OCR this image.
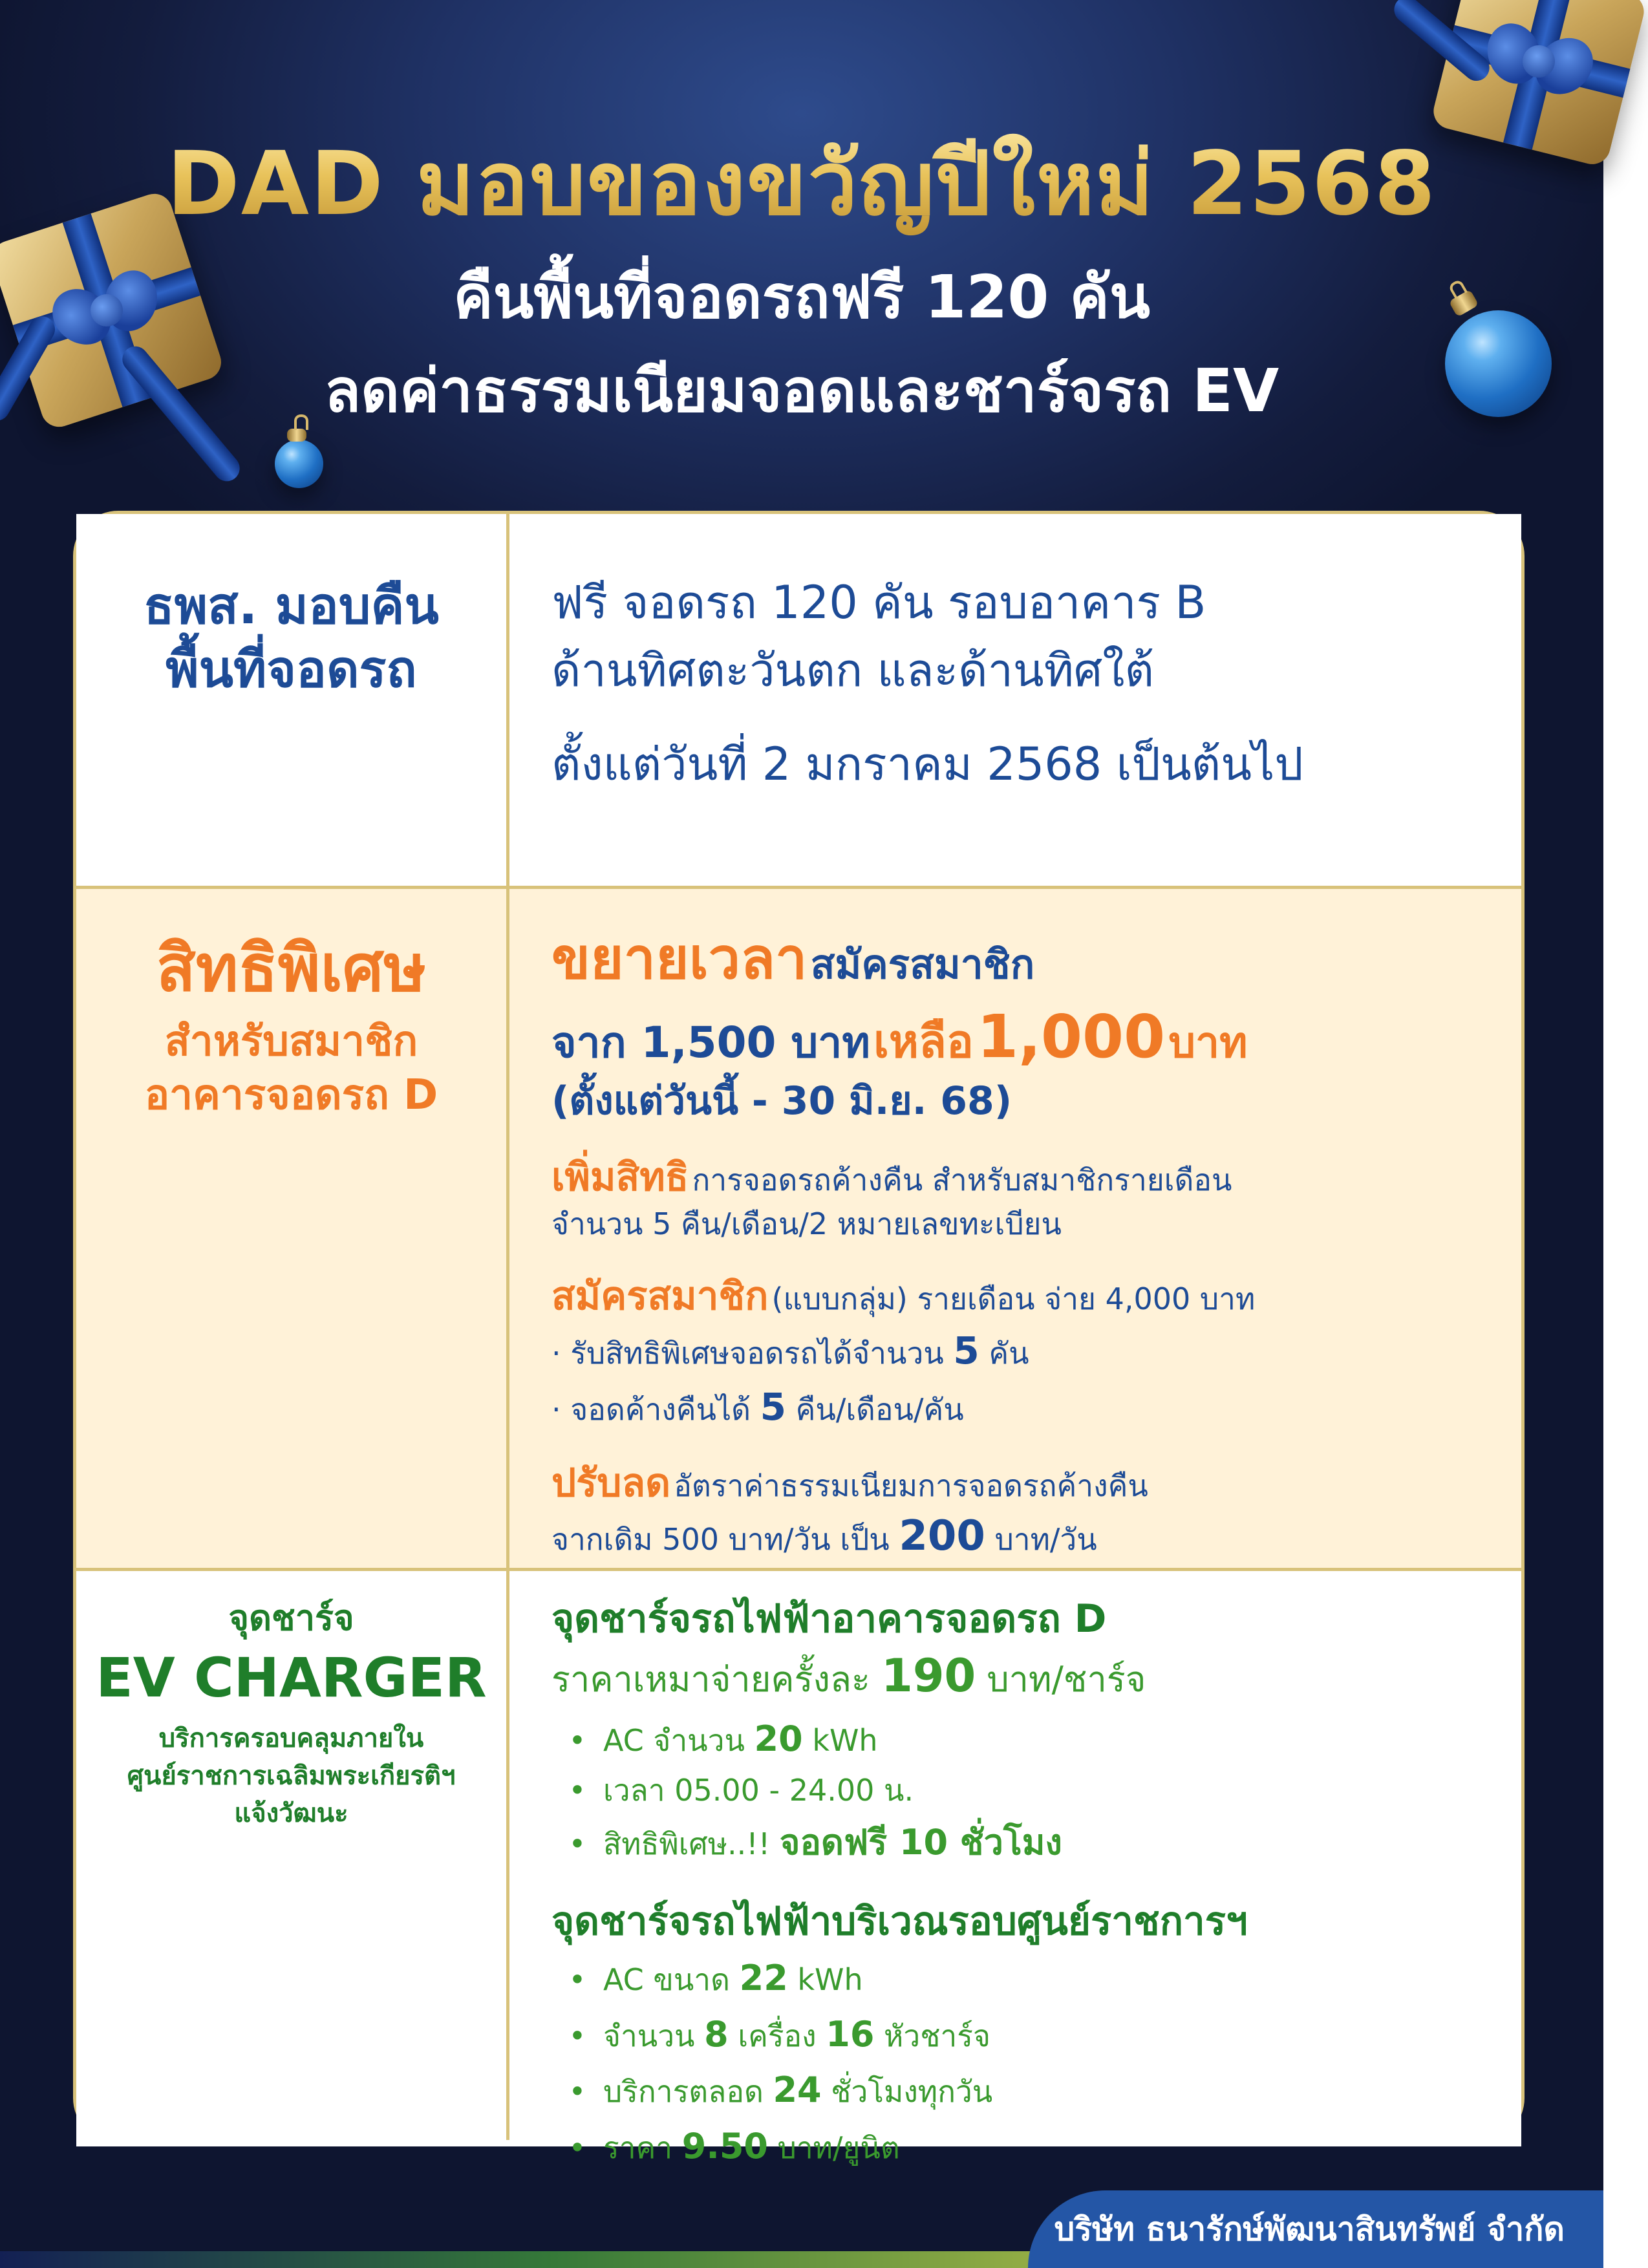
DAD มอบของขวัญปีใหม่ 2568
คืนพื้นที่จอดรถฟรี 120 คัน
ลดค่าธรรมเนียมจอดและชาร์จรถ EV

ธพส. มอบคืน

พื้นที่จอดรถ

ฟรี จอดรถ 120 คัน รอบอาคาร B

ด้านทิศตะวันตก และด้านทิศใต้

ตั้งแต่วันที่ 2 มกราคม 2568 เป็นต้นไป

สิทธิพิเศษ

สำหรับสมาชิก

อาคารจอดรถ D

ขยายเวลา สมัครสมาชิก

จาก 1,500 บาท เหลือ 1,000 บาท

(ตั้งแต่วันนี้ - 30 มิ.ย. 68)

เพิ่มสิทธิ การจอดรถค้างคืน สำหรับสมาชิกรายเดือน

จำนวน 5 คืน/เดือน/2 หมายเลขทะเบียน

สมัครสมาชิก (แบบกลุ่ม) รายเดือน จ่าย 4,000 บาท

· รับสิทธิพิเศษจอดรถได้จำนวน 5 คัน

· จอดค้างคืนได้ 5 คืน/เดือน/คัน

ปรับลด อัตราค่าธรรมเนียมการจอดรถค้างคืน

จากเดิม 500 บาท/วัน เป็น 200 บาท/วัน

จุดชาร์จ

EV CHARGER

บริการครอบคลุมภายใน

ศูนย์ราชการเฉลิมพระเกียรติฯ

แจ้งวัฒนะ

จุดชาร์จรถไฟฟ้าอาคารจอดรถ D

ราคาเหมาจ่ายครั้งละ 190 บาท/ชาร์จ

• AC จำนวน 20 kWh
• เวลา 05.00 - 24.00 น.
• สิทธิพิเศษ..!! จอดฟรี 10 ชั่วโมง

จุดชาร์จรถไฟฟ้าบริเวณรอบศูนย์ราชการฯ

• AC ขนาด 22 kWh
• จำนวน 8 เครื่อง 16 หัวชาร์จ
• บริการตลอด 24 ชั่วโมงทุกวัน
• ราคา 9.50 บาท/ยูนิต
บริษัท ธนารักษ์พัฒนาสินทรัพย์ จำกัด
